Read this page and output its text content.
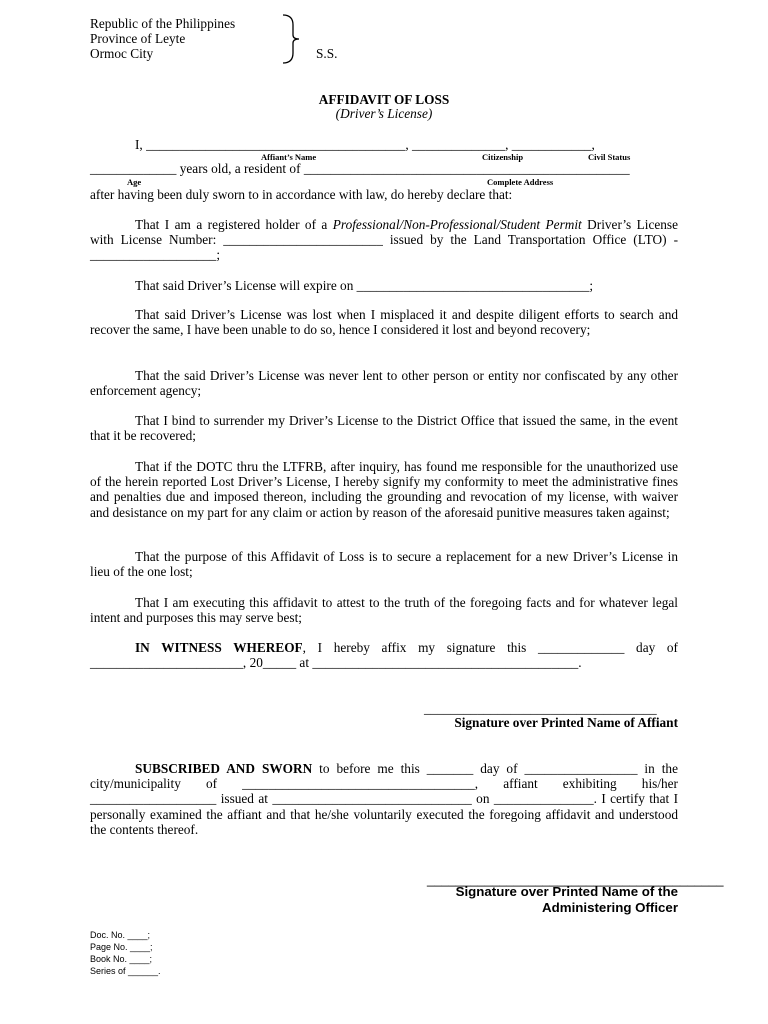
Republic of the Philippines
Province of Leyte
Ormoc City	S.S.
AFFIDAVIT OF LOSS
(Driver’s License)
I, _______________________________________, ______________, ____________,
Affiant’s Name	Citizenship	Civil Status
_____________ years old, a resident of _________________________________________________
Age	Complete Address
after having been duly sworn to in accordance with law, do hereby declare that:
That I am a registered holder of a Professional/Non-Professional/Student Permit Driver’s License with License Number: ________________________ issued by the Land Transportation Office (LTO) - ___________________;
That said Driver’s License will expire on ___________________________________;
That said Driver’s License was lost when I misplaced it and despite diligent efforts to search and recover the same, I have been unable to do so, hence I considered it lost and beyond recovery;
That the said Driver’s License was never lent to other person or entity nor confiscated by any other enforcement agency;
That I bind to surrender my Driver’s License to the District Office that issued the same, in the event that it be recovered;
That if the DOTC thru the LTFRB, after inquiry, has found me responsible for the unauthorized use of the herein reported Lost Driver’s License, I hereby signify my conformity to meet the administrative fines and penalties due and imposed thereon, including the grounding and revocation of my license, with waiver and desistance on my part for any claim or action by reason of the aforesaid punitive measures taken against;
That the purpose of this Affidavit of Loss is to secure a replacement for a new Driver’s License in lieu of the one lost;
That I am executing this affidavit to attest to the truth of the foregoing facts and for whatever legal intent and purposes this may serve best;
IN WITNESS WHEREOF, I hereby affix my signature this _____________ day of _______________________, 20_____ at ________________________________________.
___________________________________
Signature over Printed Name of Affiant
SUBSCRIBED AND SWORN to before me this _______ day of _________________ in the city/municipality of ___________________________________, affiant exhibiting his/her ___________________ issued at ______________________________ on _______________. I certify that I personally examined the affiant and that he/she voluntarily executed the foregoing affidavit and understood the contents thereof.
_________________________________________
Signature over Printed Name of the
Administering Officer
Doc. No. ____;
Page No. ____;
Book No. ____;
Series of ______.
